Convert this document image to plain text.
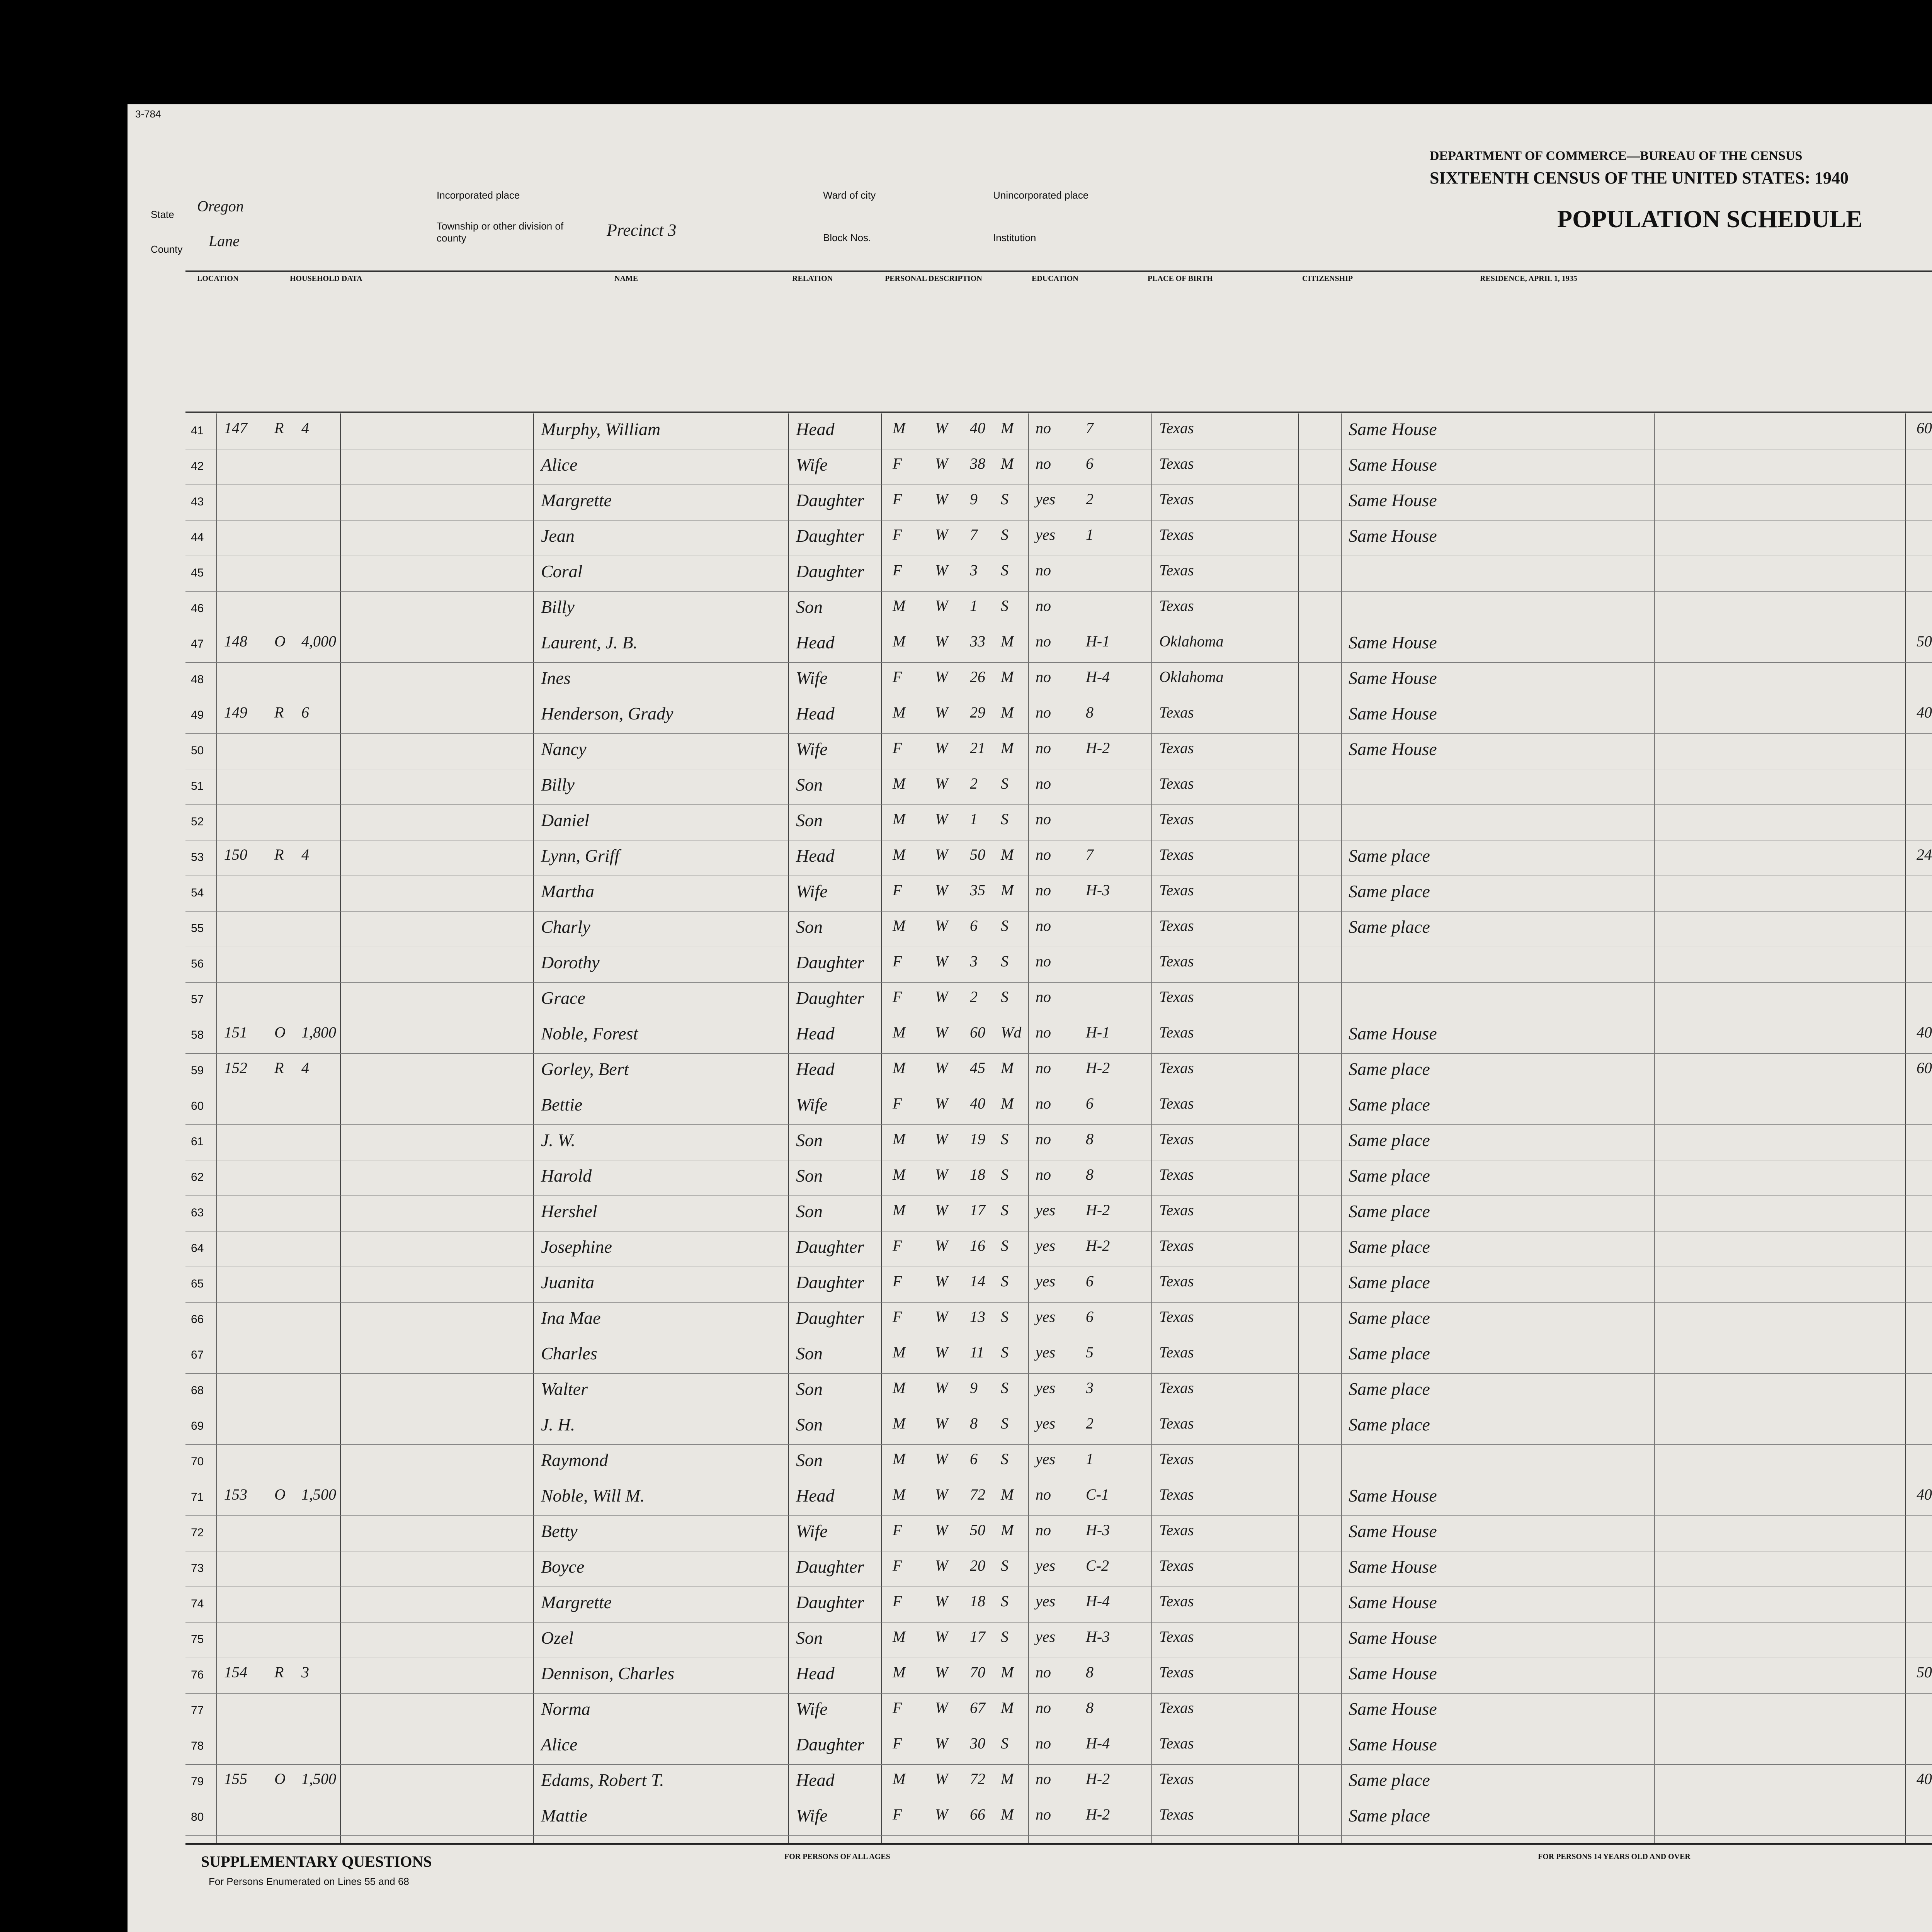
3-784
State Oregon
County Lane
Incorporated place
Township or other division of county	Precinct 3
Ward of city
Block Nos.
Unincorporated place
Institution
DEPARTMENT OF COMMERCE—BUREAU OF THE CENSUS
SIXTEENTH CENSUS OF THE UNITED STATES: 1940
POPULATION SCHEDULE
LOCATION	HOUSEHOLD DATA	NAME	RELATION	PERSONAL DESCRIPTION	EDUCATION	PLACE OF BIRTH	CITIZENSHIP	RESIDENCE, APRIL 1, 1935
41 147 R 4	Murphy, William	Head	M W 40 M no 7	Texas	Same House	60
42	Alice	Wife	F W 38 M no 6	Texas	Same House
43	Margrette	Daughter F W 9 S yes 2	Texas	Same House
44	Jean	Daughter F W 7 S yes 1	Texas	Same House
45	Coral	Daughter F W 3 S no	Texas
46	Billy	Son	M W 1 S no	Texas
47 148 O 4,000	Laurent, J. B.	Head	M W 33 M no H-1	Oklahoma	Same House	50
48	Ines	Wife	F W 26 M no H-4	Oklahoma	Same House
49 149 R 6	Henderson, Grady	Head	M W 29 M no 8	Texas	Same House	40
50	Nancy	Wife	F W 21 M no H-2	Texas	Same House
51	Billy	Son	M W 2 S no	Texas
52	Daniel	Son	M W 1 S no	Texas
53 150 R 4	Lynn, Griff	Head	M W 50 M no 7	Texas	Same place	24
54	Martha	Wife	F W 35 M no H-3	Texas	Same place
55	Charly	Son	M W 6 S no	Texas	Same place
56	Dorothy	Daughter F W 3 S no	Texas
57	Grace	Daughter F W 2 S no	Texas
58 151 O 1,800	Noble, Forest	Head	M W 60 Wd no H-1	Texas	Same House	40
59 152 R 4	Gorley, Bert	Head	M W 45 M no H-2	Texas	Same place	60
60	Bettie	Wife	F W 40 M no 6	Texas	Same place
61	J. W.	Son	M W 19 S no 8	Texas	Same place
62	Harold	Son	M W 18 S no 8	Texas	Same place
63	Hershel	Son	M W 17 S yes H-2	Texas	Same place
64	Josephine	Daughter F W 16 S yes H-2	Texas	Same place
65	Juanita	Daughter F W 14 S yes 6	Texas	Same place
66	Ina Mae	Daughter F W 13 S yes 6	Texas	Same place
67	Charles	Son	M W 11 S yes 5	Texas	Same place
68	Walter	Son	M W 9 S yes 3	Texas	Same place
69	J. H.	Son	M W 8 S yes 2	Texas	Same place
70	Raymond	Son	M W 6 S yes 1	Texas
71 153 O 1,500	Noble, Will M.	Head	M W 72 M no C-1	Texas	Same House	40
72	Betty	Wife	F W 50 M no H-3	Texas	Same House
73	Boyce	Daughter F W 20 S yes C-2	Texas	Same House
74	Margrette	Daughter F W 18 S yes H-4	Texas	Same House
75	Ozel	Son	M W 17 S yes H-3	Texas	Same House
76 154 R 3	Dennison, Charles	Head	M W 70 M no 8	Texas	Same House	50
77	Norma	Wife	F W 67 M no 8	Texas	Same House
78	Alice	Daughter F W 30 S no H-4	Texas	Same House
79 155 O 1,500	Edams, Robert T.	Head	M W 72 M no H-2	Texas	Same place	40
80	Mattie	Wife	F W 66 M no H-2	Texas	Same place
SUPPLEMENTARY QUESTIONS
For Persons Enumerated on Lines 55 and 68
FOR PERSONS OF ALL AGES	FOR PERSONS 14 YEARS OLD AND OVER
